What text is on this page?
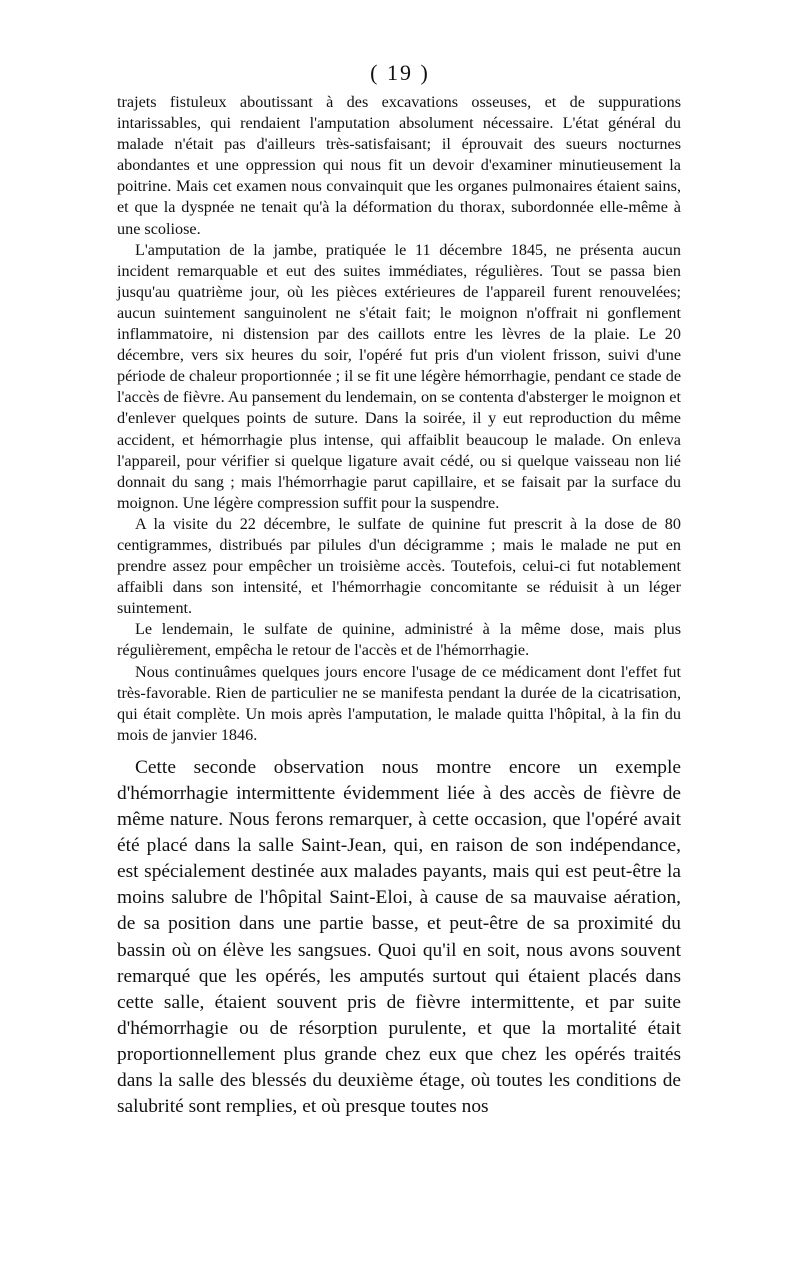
( 19 )

trajets fistuleux aboutissant à des excavations osseuses, et de suppurations intarissables, qui rendaient l'amputation absolument nécessaire. L'état général du malade n'était pas d'ailleurs très-satisfaisant; il éprouvait des sueurs nocturnes abondantes et une oppression qui nous fit un devoir d'examiner minutieusement la poitrine. Mais cet examen nous convainquit que les organes pulmonaires étaient sains, et que la dyspnée ne tenait qu'à la déformation du thorax, subordonnée elle-même à une scoliose.

L'amputation de la jambe, pratiquée le 11 décembre 1845, ne présenta aucun incident remarquable et eut des suites immédiates, régulières. Tout se passa bien jusqu'au quatrième jour, où les pièces extérieures de l'appareil furent renouvelées; aucun suintement sanguinolent ne s'était fait; le moignon n'offrait ni gonflement inflammatoire, ni distension par des caillots entre les lèvres de la plaie. Le 20 décembre, vers six heures du soir, l'opéré fut pris d'un violent frisson, suivi d'une période de chaleur proportionnée ; il se fit une légère hémorrhagie, pendant ce stade de l'accès de fièvre. Au pansement du lendemain, on se contenta d'absterger le moignon et d'enlever quelques points de suture. Dans la soirée, il y eut reproduction du même accident, et hémorrhagie plus intense, qui affaiblit beaucoup le malade. On enleva l'appareil, pour vérifier si quelque ligature avait cédé, ou si quelque vaisseau non lié donnait du sang ; mais l'hémorrhagie parut capillaire, et se faisait par la surface du moignon. Une légère compression suffit pour la suspendre.

A la visite du 22 décembre, le sulfate de quinine fut prescrit à la dose de 80 centigrammes, distribués par pilules d'un décigramme ; mais le malade ne put en prendre assez pour empêcher un troisième accès. Toutefois, celui-ci fut notablement affaibli dans son intensité, et l'hémorrhagie concomitante se réduisit à un léger suintement.

Le lendemain, le sulfate de quinine, administré à la même dose, mais plus régulièrement, empêcha le retour de l'accès et de l'hémorrhagie.

Nous continuâmes quelques jours encore l'usage de ce médicament dont l'effet fut très-favorable. Rien de particulier ne se manifesta pendant la durée de la cicatrisation, qui était complète. Un mois après l'amputation, le malade quitta l'hôpital, à la fin du mois de janvier 1846.

Cette seconde observation nous montre encore un exemple d'hémorrhagie intermittente évidemment liée à des accès de fièvre de même nature. Nous ferons remarquer, à cette occasion, que l'opéré avait été placé dans la salle Saint-Jean, qui, en raison de son indépendance, est spécialement destinée aux malades payants, mais qui est peut-être la moins salubre de l'hôpital Saint-Eloi, à cause de sa mauvaise aération, de sa position dans une partie basse, et peut-être de sa proximité du bassin où on élève les sangsues. Quoi qu'il en soit, nous avons souvent remarqué que les opérés, les amputés surtout qui étaient placés dans cette salle, étaient souvent pris de fièvre intermittente, et par suite d'hémorrhagie ou de résorption purulente, et que la mortalité était proportionnellement plus grande chez eux que chez les opérés traités dans la salle des blessés du deuxième étage, où toutes les conditions de salubrité sont remplies, et où presque toutes nos
